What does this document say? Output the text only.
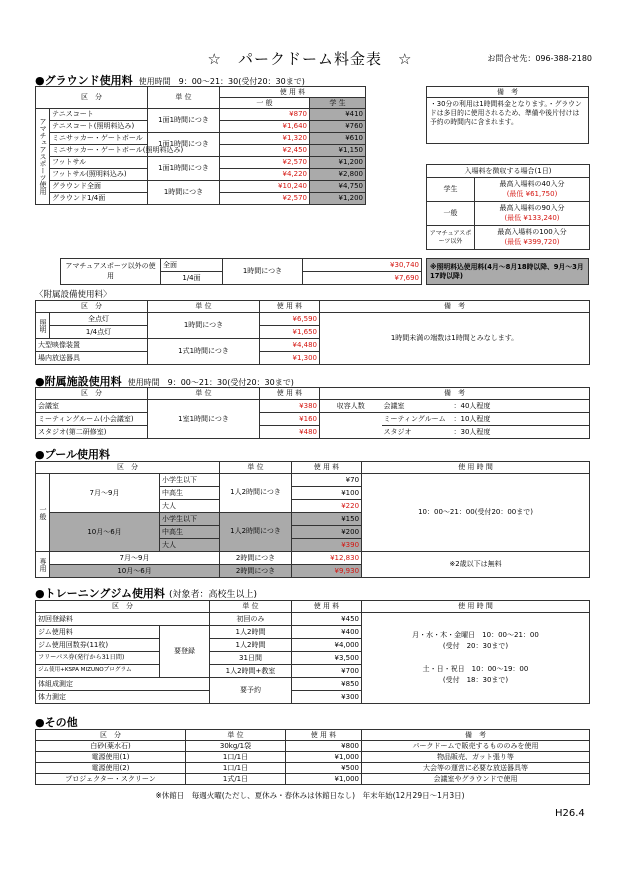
☆　パークドーム料金表　☆	お問合せ先：096-388-2180
●グラウンド使用料 使用時間　9：00～21：30(受付20：30まで)
区　分		単 位	使 用 料		
			一 般	学 生	
アマチュアスポーツ使用	テニスコート	1面1時間につき	¥870	¥410	
	テニスコート(照明料込み)		¥1,640	¥760	
	ミニサッカー・ゲートボール	1面1時間につき	¥1,320	¥610	
	ミニサッカー・ゲートボール(照明料込み)		¥2,450	¥1,150	
	フットサル	1面1時間につき	¥2,570	¥1,200	
	フットサル(照明料込み)		¥4,220	¥2,800	
	グラウンド全面	1時間につき	¥10,240	¥4,750	
	グラウンド1/4面		¥2,570	¥1,200	
アマチュアスポーツ以外の使用	全面	1時間につき	¥30,740
	1/4面		¥7,690
備　考
・30分の利用は1時間料金となります。・グラウンドは多目的に使用されるため、準備や後片付けは予約の時間内に含まれます。
入場料を徴収する場合(1日)	
学生	最高入場料の40入分
(最低 ¥61,750)
一般	最高入場料の90入分
(最低 ¥133,240)
アマチュアスポーツ以外	最高入場料の100入分
(最低 ¥399,720)
※照明料込使用料(4月～8月18時以降、9月～3月17時以降)
〈附属設備使用料〉
区　分		単 位	使 用 料	備　考
照明	全点灯	1時間につき	¥6,590	1時間未満の端数は1時間とみなします。
	1/4点灯		¥1,650	
大型映像装置		1式1時間につき	¥4,480	
場内放送器具			¥1,300	
●附属施設使用料 使用時間　9：00～21：30(受付20：30まで)
区　分	単 位	使 用 料	備　考		
会議室	1室1時間につき	¥380	収容人数	会議室	：40人程度
ミーティングルーム(小会議室)		¥160		ミーティングルーム	：10人程度
スタジオ(第二研修室)		¥480		スタジオ	：30人程度
●プール使用料
区　分			単 位	使 用 料	使 用 時 間
一般	7月～9月	小学生以下	1人2時間につき	¥70	10：00～21：00(受付20：00まで)
		中高生		¥100	
		大人		¥220	
	10月～6月	小学生以下	1人2時間につき	¥150	
		中高生		¥200	
		大人		¥390	
専用	7月～9月		2時間につき	¥12,830	※2歳以下は無料
	10月～6月		2時間につき	¥9,930	
●トレーニングジム使用料 (対象者：高校生以上)
区　分		単 位	使 用 料	使 用 時 間
初回登録料		初回のみ	¥450	月・水・木・金曜日　10：00～21：00
(受付　20：30まで)

土・日・祝日　10：00～19：00
(受付　18：30まで)
ジム使用料	要登録	1人2時間	¥400	
ジム使用回数券(11枚)		1人2時間	¥4,000	
フリーパス券(発行から31日間)		31日間	¥3,500	
ジム使用+KSPA MIZUNOプログラム		1人2時間+教室	¥700	
体組成測定		要予約	¥850	
体力測定			¥300	
●その他
区　分	単 位	使 用 料	備　考
白砂(薬水石)	30kg/1袋	¥800	パークドームで販売するもののみを使用
電源使用(1)	1口/1日	¥1,000	物品販売、ガット張り等
電源使用(2)	1口/1日	¥500	大会等の運営に必要な放送器具等
プロジェクター・スクリーン	1式/1日	¥1,000	会議室やグラウンドで使用
※休館日　毎週火曜(ただし、夏休み・春休みは休館日なし)　年末年始(12月29日～1月3日)
H26.4
